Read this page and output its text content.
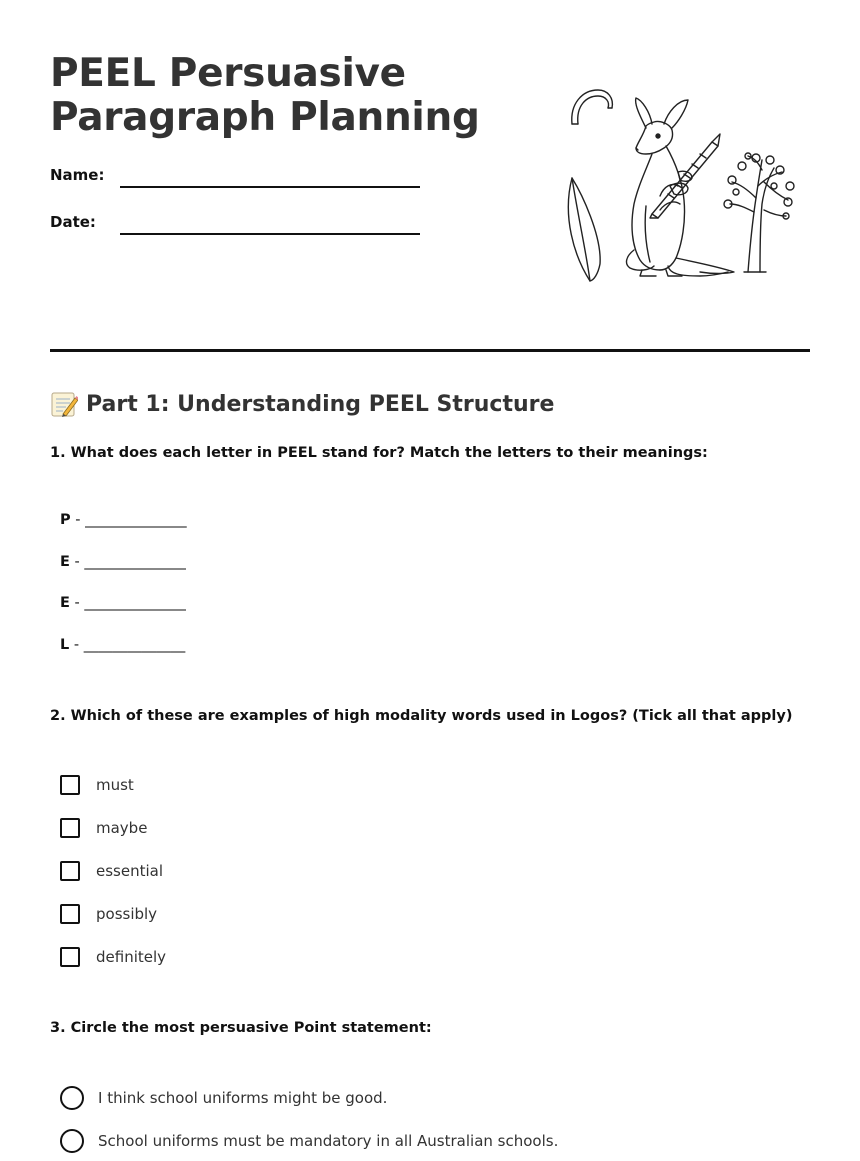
PEEL Persuasive
Paragraph Planning
Name:
Date:
Part 1: Understanding PEEL Structure

1. What does each letter in PEEL stand for? Match the letters to their meanings:

P - ______________
E - ______________
E - ______________
L - ______________

2. Which of these are examples of high modality words used in Logos? (Tick all that apply)

must
maybe
essential
possibly
definitely

3. Circle the most persuasive Point statement:

I think school uniforms might be good.
School uniforms must be mandatory in all Australian schools.
